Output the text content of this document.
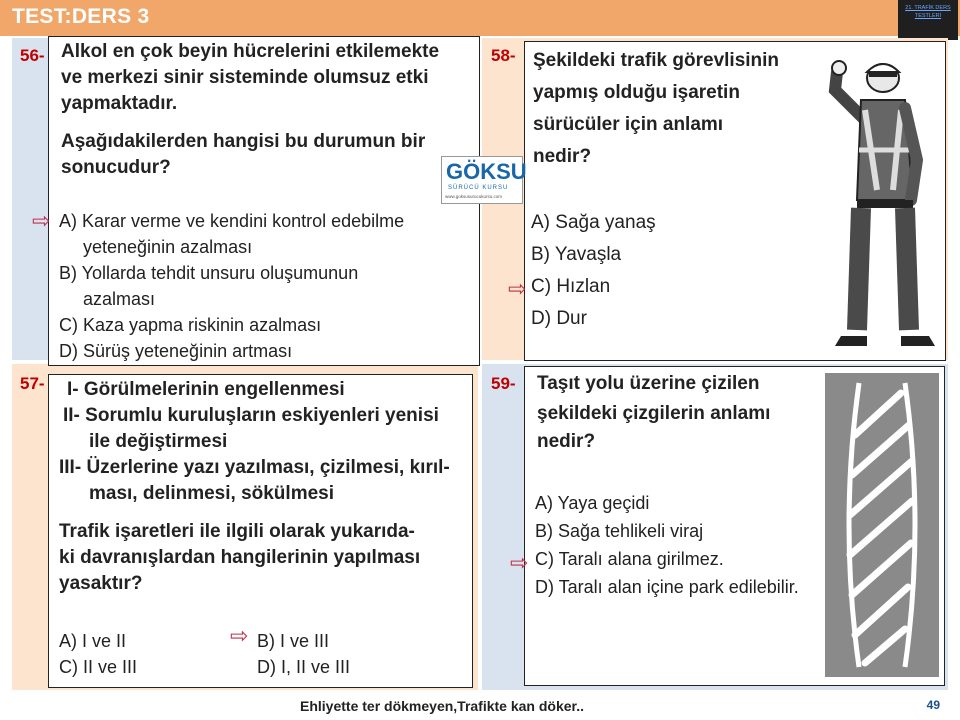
TEST:DERS 3	21. TRAFİK DERS TESTLERİ
56-	58-
57-	59-
Alkol en çok beyin hücrelerini etkilemekte
ve merkezi sinir sisteminde olumsuz etki
yapmaktadır.
Aşağıdakilerden hangisi bu durumun bir
sonucudur?
A) Karar verme ve kendini kontrol edebilme
yeteneğinin azalması
B) Yollarda tehdit unsuru oluşumunun
azalması
C) Kaza yapma riskinin azalması
D) Sürüş yeteneğinin artması
⇨
Şekildeki trafik görevlisinin
yapmış olduğu işaretin
sürücüler için anlamı
nedir?
A) Sağa yanaş
B) Yavaşla
C) Hızlan
D) Dur
⇨
GÖKSU
SÜRÜCÜ KURSU
www.goksusurucukursu.com
I- Görülmelerinin engellenmesi
II- Sorumlu kuruluşların eskiyenleri yenisi
ile değiştirmesi
III- Üzerlerine yazı yazılması, çizilmesi, kırıl-
ması, delinmesi, sökülmesi
Trafik işaretleri ile ilgili olarak yukarıda-
ki davranışlardan hangilerinin yapılması
yasaktır?
A) I ve II	B) I ve III
C) II ve III	D) I, II ve III
⇨
Taşıt yolu üzerine çizilen
şekildeki çizgilerin anlamı
nedir?
A) Yaya geçidi
B) Sağa tehlikeli viraj
C) Taralı alana girilmez.
D) Taralı alan içine park edilebilir.
⇨
Ehliyette ter dökmeyen,Trafikte kan döker..	49
